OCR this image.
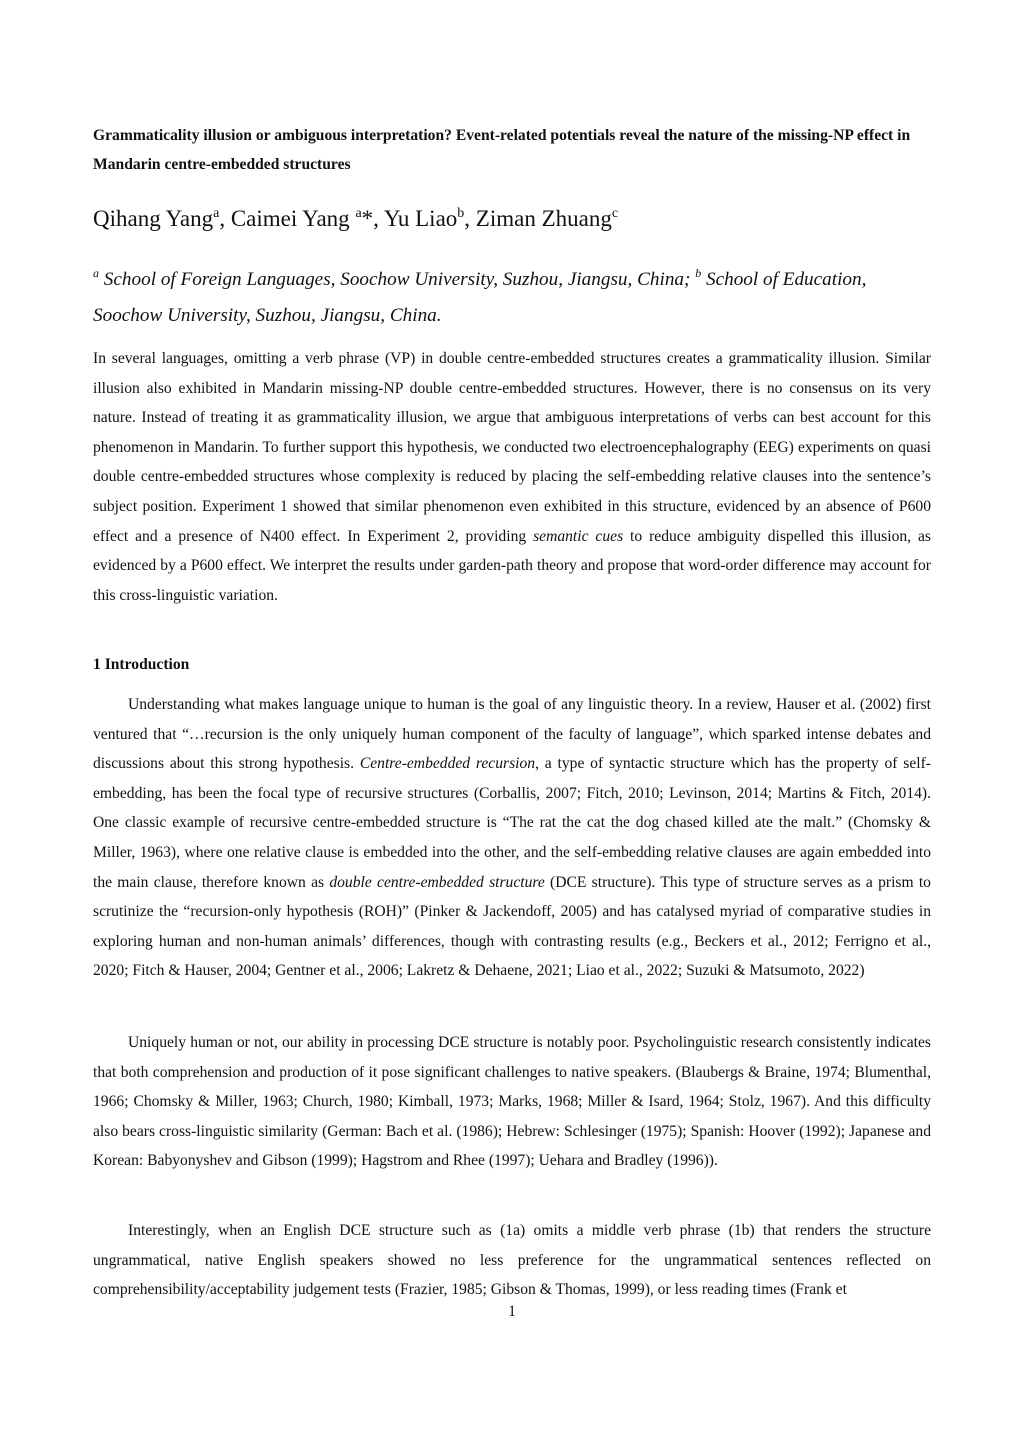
Grammaticality illusion or ambiguous interpretation? Event-related potentials reveal the nature of the missing-NP effect in Mandarin centre-embedded structures
Qihang Yang$^a$, Caimei Yang $^a$*, Yu Liao$^b$, Ziman Zhuang$^c$
$^a$ School of Foreign Languages, Soochow University, Suzhou, Jiangsu, China; $^b$ School of Education, Soochow University, Suzhou, Jiangsu, China.
In several languages, omitting a verb phrase (VP) in double centre-embedded structures creates a grammaticality illusion. Similar illusion also exhibited in Mandarin missing-NP double centre-embedded structures. However, there is no consensus on its very nature. Instead of treating it as grammaticality illusion, we argue that ambiguous interpretations of verbs can best account for this phenomenon in Mandarin. To further support this hypothesis, we conducted two electroencephalography (EEG) experiments on quasi double centre-embedded structures whose complexity is reduced by placing the self-embedding relative clauses into the sentence’s subject position. Experiment 1 showed that similar phenomenon even exhibited in this structure, evidenced by an absence of P600 effect and a presence of N400 effect. In Experiment 2, providing semantic cues to reduce ambiguity dispelled this illusion, as evidenced by a P600 effect. We interpret the results under garden-path theory and propose that word-order difference may account for this cross-linguistic variation.
1 Introduction
Understanding what makes language unique to human is the goal of any linguistic theory. In a review, Hauser et al. (2002) first ventured that “…recursion is the only uniquely human component of the faculty of language”, which sparked intense debates and discussions about this strong hypothesis. Centre-embedded recursion, a type of syntactic structure which has the property of self-embedding, has been the focal type of recursive structures (Corballis, 2007; Fitch, 2010; Levinson, 2014; Martins & Fitch, 2014). One classic example of recursive centre-embedded structure is “The rat the cat the dog chased killed ate the malt.” (Chomsky & Miller, 1963), where one relative clause is embedded into the other, and the self-embedding relative clauses are again embedded into the main clause, therefore known as double centre-embedded structure (DCE structure). This type of structure serves as a prism to scrutinize the “recursion-only hypothesis (ROH)” (Pinker & Jackendoff, 2005) and has catalysed myriad of comparative studies in exploring human and non-human animals’ differences, though with contrasting results (e.g., Beckers et al., 2012; Ferrigno et al., 2020; Fitch & Hauser, 2004; Gentner et al., 2006; Lakretz & Dehaene, 2021; Liao et al., 2022; Suzuki & Matsumoto, 2022)
Uniquely human or not, our ability in processing DCE structure is notably poor. Psycholinguistic research consistently indicates that both comprehension and production of it pose significant challenges to native speakers. (Blaubergs & Braine, 1974; Blumenthal, 1966; Chomsky & Miller, 1963; Church, 1980; Kimball, 1973; Marks, 1968; Miller & Isard, 1964; Stolz, 1967). And this difficulty also bears cross-linguistic similarity (German: Bach et al. (1986); Hebrew: Schlesinger (1975); Spanish: Hoover (1992); Japanese and Korean: Babyonyshev and Gibson (1999); Hagstrom and Rhee (1997); Uehara and Bradley (1996)).
Interestingly, when an English DCE structure such as (1a) omits a middle verb phrase (1b) that renders the structure ungrammatical, native English speakers showed no less preference for the ungrammatical sentences reflected on comprehensibility/acceptability judgement tests (Frazier, 1985; Gibson & Thomas, 1999), or less reading times (Frank et
1
